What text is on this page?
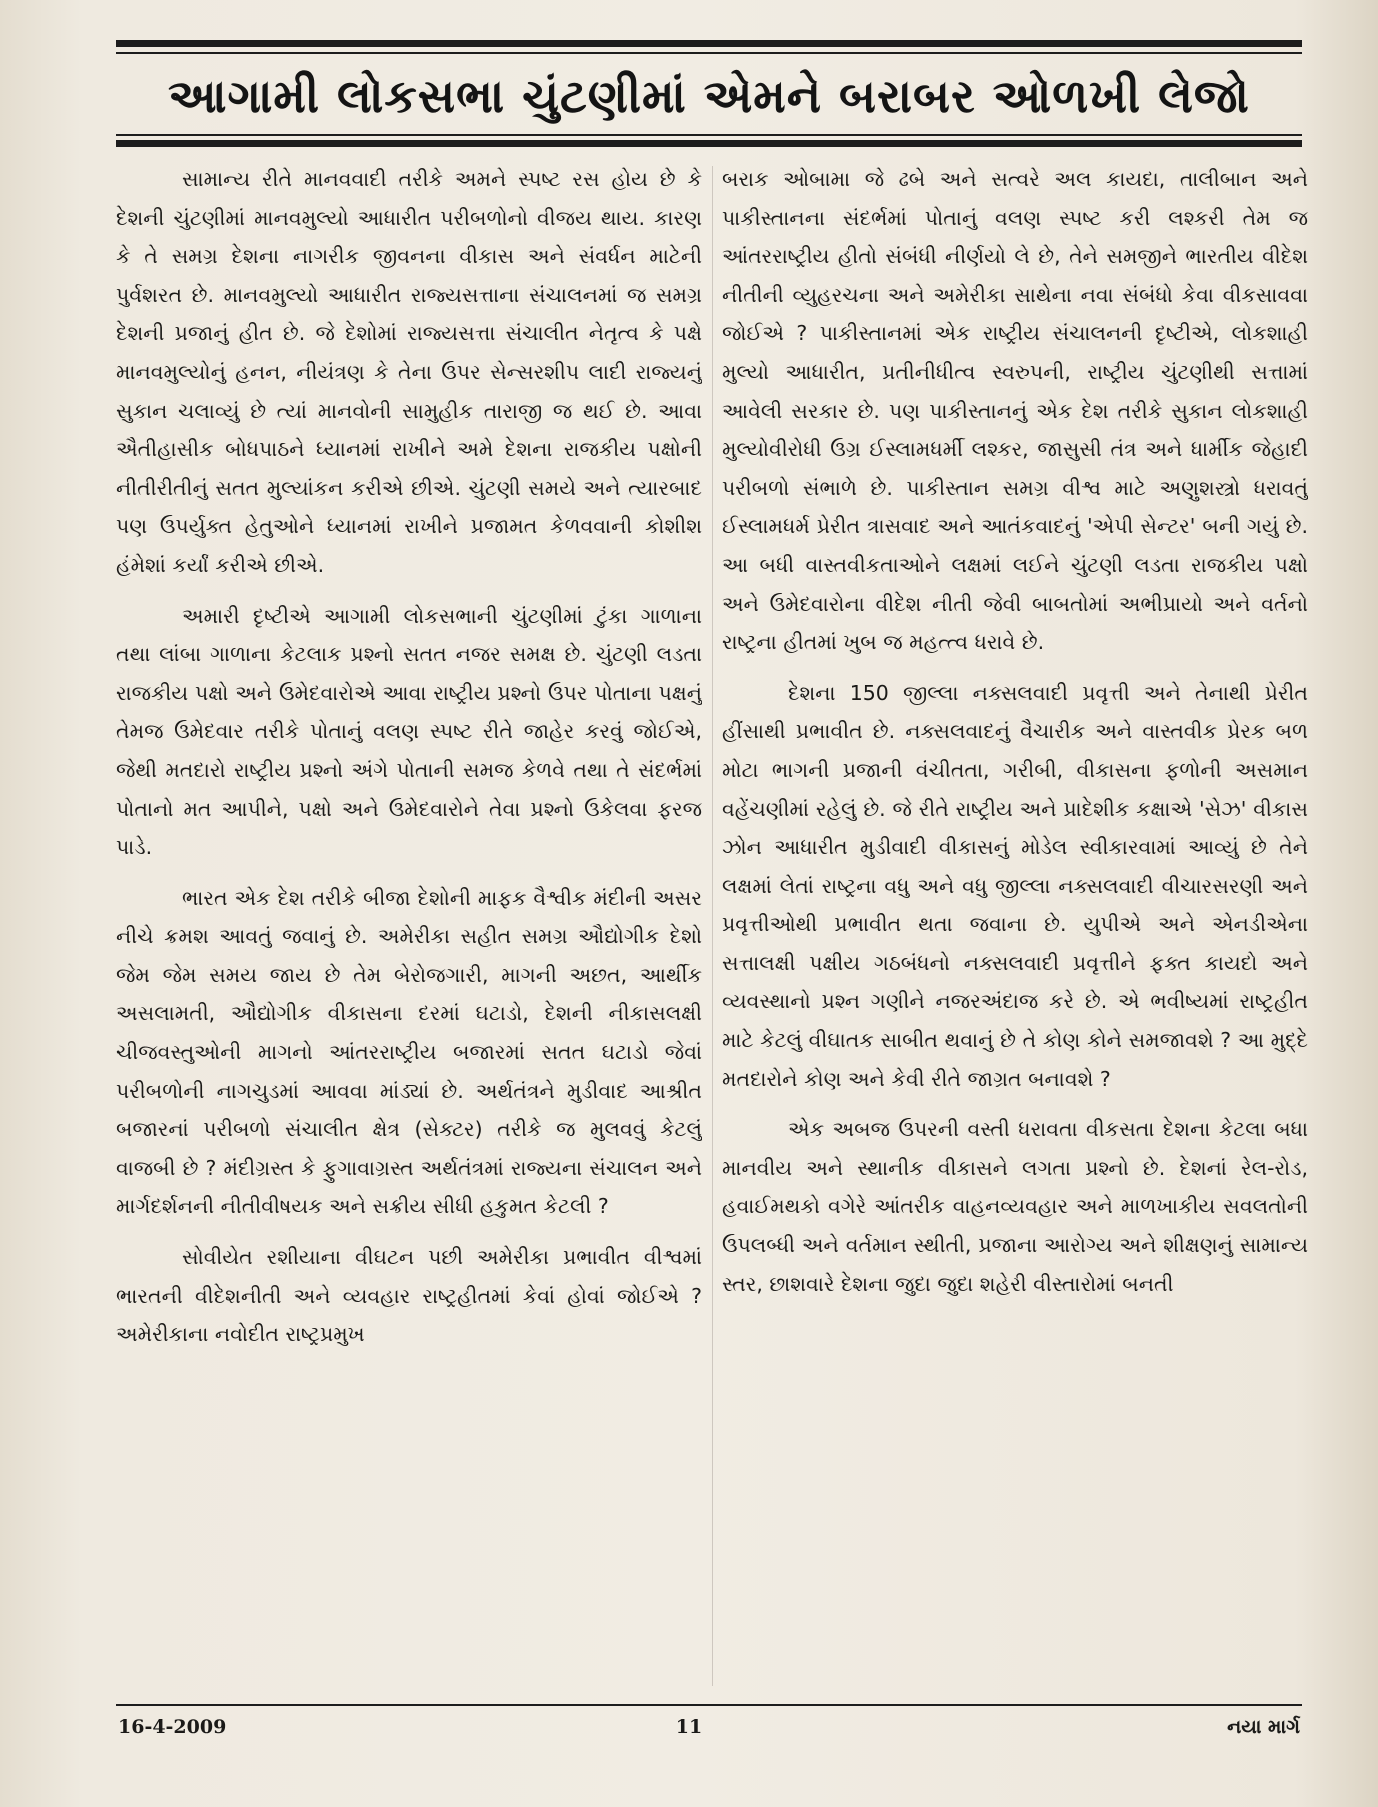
આગામી લોકસભા ચુંટણીમાં એમને બરાબર ઓળખી લેજો

સામાન્ય રીતે માનવવાદી તરીકે અમને સ્પષ્ટ રસ હોય છે કે દેશની ચુંટણીમાં માનવમુલ્યો આધારીત પરીબળોનો વીજય થાય. કારણ કે તે સમગ્ર દેશના નાગરીક જીવનના વીકાસ અને સંવર્ધન માટેની પુર્વશરત છે. માનવમુલ્યો આધારીત રાજ્યસત્તાના સંચાલનમાં જ સમગ્ર દેશની પ્રજાનું હીત છે. જે દેશોમાં રાજ્યસત્તા સંચાલીત નેતૃત્વ કે પક્ષે માનવમુલ્યોનું હનન, નીયંત્રણ કે તેના ઉપર સેન્સરશીપ લાદી રાજ્યનું સુકાન ચલાવ્યું છે ત્યાં માનવોની સામુહીક તારાજી જ થઈ છે. આવા ઐતીહાસીક બોધપાઠને ધ્યાનમાં રાખીને અમે દેશના રાજકીય પક્ષોની નીતીરીતીનું સતત મુલ્યાંકન કરીએ છીએ. ચુંટણી સમયે અને ત્યારબાદ પણ ઉપર્યુક્ત હેતુઓને ધ્યાનમાં રાખીને પ્રજામત કેળવવાની કોશીશ હંમેશાં કર્યાં કરીએ છીએ.

અમારી દૃષ્ટીએ આગામી લોકસભાની ચુંટણીમાં ટુંકા ગાળાના તથા લાંબા ગાળાના કેટલાક પ્રશ્નો સતત નજર સમક્ષ છે. ચુંટણી લડતા રાજકીય પક્ષો અને ઉમેદવારોએ આવા રાષ્ટ્રીય પ્રશ્નો ઉપર પોતાના પક્ષનું તેમજ ઉમેદવાર તરીકે પોતાનું વલણ સ્પષ્ટ રીતે જાહેર કરવું જોઈએ, જેથી મતદારો રાષ્ટ્રીય પ્રશ્નો અંગે પોતાની સમજ કેળવે તથા તે સંદર્ભમાં પોતાનો મત આપીને, પક્ષો અને ઉમેદવારોને તેવા પ્રશ્નો ઉકેલવા ફરજ પાડે.

ભારત એક દેશ તરીકે બીજા દેશોની માફક વૈશ્વીક મંદીની અસર નીચે ક્રમશ આવતું જવાનું છે. અમેરીકા સહીત સમગ્ર ઔદ્યોગીક દેશો જેમ જેમ સમય જાય છે તેમ બેરોજગારી, માગની અછત, આર્થીક અસલામતી, ઔદ્યોગીક વીકાસના દરમાં ઘટાડો, દેશની નીકાસલક્ષી ચીજવસ્તુઓની માગનો આંતરરાષ્ટ્રીય બજારમાં સતત ઘટાડો જેવાં પરીબળોની નાગચુડમાં આવવા માંડ્યાં છે. અર્થતંત્રને મુડીવાદ આશ્રીત બજારનાં પરીબળો સંચાલીત ક્ષેત્ર (સેક્ટર) તરીકે જ મુલવવું કેટલું વાજબી છે ? મંદીગ્રસ્ત કે ફુગાવાગ્રસ્ત અર્થતંત્રમાં રાજ્યના સંચાલન અને માર્ગદર્શનની નીતીવીષયક અને સક્રીય સીધી હકુમત કેટલી ?

સોવીયેત રશીયાના વીઘટન પછી અમેરીકા પ્રભાવીત વીશ્વમાં ભારતની વીદેશનીતી અને વ્યવહાર રાષ્ટ્રહીતમાં કેવાં હોવાં જોઈએ ? અમેરીકાના નવોદીત રાષ્ટ્રપ્રમુખ

બરાક ઓબામા જે ઢબે અને સત્વરે અલ કાયદા, તાલીબાન અને પાકીસ્તાનના સંદર્ભમાં પોતાનું વલણ સ્પષ્ટ કરી લશ્કરી તેમ જ આંતરરાષ્ટ્રીય હીતો સંબંધી નીર્ણયો લે છે, તેને સમજીને ભારતીય વીદેશ નીતીની વ્યુહરચના અને અમેરીકા સાથેના નવા સંબંધો કેવા વીકસાવવા જોઈએ ? પાકીસ્તાનમાં એક રાષ્ટ્રીય સંચાલનની દૃષ્ટીએ, લોકશાહી મુલ્યો આધારીત, પ્રતીનીધીત્વ સ્વરુપની, રાષ્ટ્રીય ચુંટણીથી સત્તામાં આવેલી સરકાર છે. પણ પાકીસ્તાનનું એક દેશ તરીકે સુકાન લોકશાહી મુલ્યોવીરોધી ઉગ્ર ઈસ્લામધર્મી લશ્કર, જાસુસી તંત્ર અને ધાર્મીક જેહાદી પરીબળો સંભાળે છે. પાકીસ્તાન સમગ્ર વીશ્વ માટે અણુશસ્ત્રો ધરાવતું ઈસ્લામધર્મ પ્રેરીત ત્રાસવાદ અને આતંકવાદનું 'એપી સેન્ટર' બની ગયું છે. આ બધી વાસ્તવીકતાઓને લક્ષમાં લઈને ચુંટણી લડતા રાજકીય પક્ષો અને ઉમેદવારોના વીદેશ નીતી જેવી બાબતોમાં અભીપ્રાયો અને વર્તનો રાષ્ટ્રના હીતમાં ખુબ જ મહત્ત્વ ધરાવે છે.

દેશના 150 જીલ્લા નક્સલવાદી પ્રવૃત્તી અને તેનાથી પ્રેરીત હીંસાથી પ્રભાવીત છે. નક્સલવાદનું વૈચારીક અને વાસ્તવીક પ્રેરક બળ મોટા ભાગની પ્રજાની વંચીતતા, ગરીબી, વીકાસના ફળોની અસમાન વહેંચણીમાં રહેલું છે. જે રીતે રાષ્ટ્રીય અને પ્રાદેશીક કક્ષાએ 'સેઝ' વીકાસ ઝોન આધારીત મુડીવાદી વીકાસનું મોડેલ સ્વીકારવામાં આવ્યું છે તેને લક્ષમાં લેતાં રાષ્ટ્રના વધુ અને વધુ જીલ્લા નક્સલવાદી વીચારસરણી અને પ્રવૃત્તીઓથી પ્રભાવીત થતા જવાના છે. યુપીએ અને એનડીએના સત્તાલક્ષી પક્ષીય ગઠબંધનો નક્સલવાદી પ્રવૃત્તીને ફક્ત કાયદો અને વ્યવસ્થાનો પ્રશ્ન ગણીને નજરઅંદાજ કરે છે. એ ભવીષ્યમાં રાષ્ટ્રહીત માટે કેટલું વીઘાતક સાબીત થવાનું છે તે કોણ કોને સમજાવશે ? આ મુદ્દે મતદારોને કોણ અને કેવી રીતે જાગ્રત બનાવશે ?

એક અબજ ઉપરની વસ્તી ધરાવતા વીકસતા દેશના કેટલા બધા માનવીય અને સ્થાનીક વીકાસને લગતા પ્રશ્નો છે. દેશનાં રેલ-રોડ, હવાઈમથકો વગેરે આંતરીક વાહનવ્યવહાર અને માળખાકીય સવલતોની ઉપલબ્ધી અને વર્તમાન સ્થીતી, પ્રજાના આરોગ્ય અને શીક્ષણનું સામાન્ય સ્તર, છાશવારે દેશના જુદા જુદા શહેરી વીસ્તારોમાં બનતી

11
16-4-2009	નયા માર્ગ
